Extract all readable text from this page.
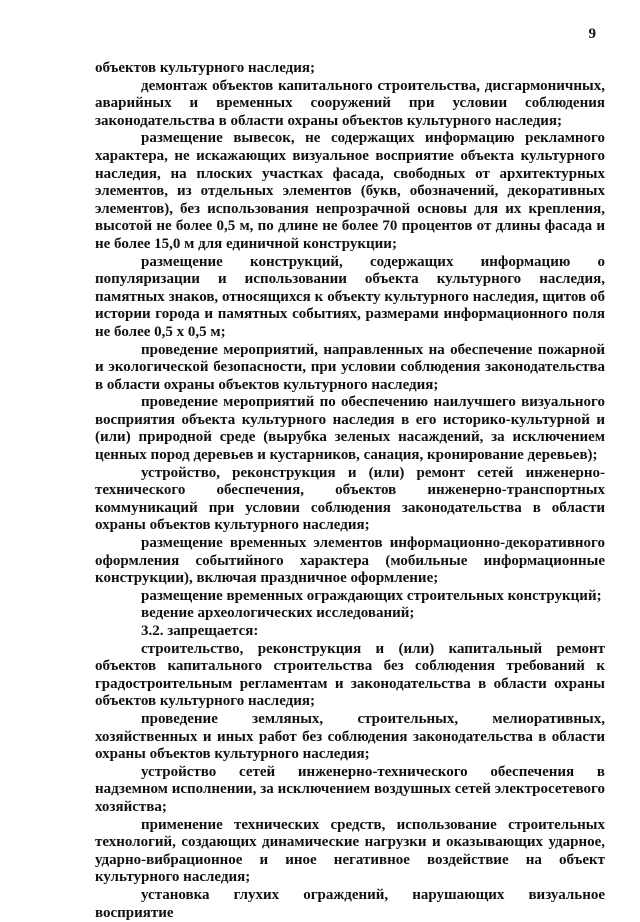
9

объектов культурного наследия;

демонтаж объектов капитального строительства, дисгармоничных, аварийных и временных сооружений при условии соблюдения законодательства в области охраны объектов культурного наследия;

размещение вывесок, не содержащих информацию рекламного характера, не искажающих визуальное восприятие объекта культурного наследия, на плоских участках фасада, свободных от архитектурных элементов, из отдельных элементов (букв, обозначений, декоративных элементов), без использования непрозрачной основы для их крепления, высотой не более 0,5 м, по длине не более 70 процентов от длины фасада и не более 15,0 м для единичной конструкции;

размещение конструкций, содержащих информацию о популяризации и использовании объекта культурного наследия, памятных знаков, относящихся к объекту культурного наследия, щитов об истории города и памятных событиях, размерами информационного поля не более 0,5 х 0,5 м;

проведение мероприятий, направленных на обеспечение пожарной и экологической безопасности, при условии соблюдения законодательства в области охраны объектов культурного наследия;

проведение мероприятий по обеспечению наилучшего визуального восприятия объекта культурного наследия в его историко-культурной и (или) природной среде (вырубка зеленых насаждений, за исключением ценных пород деревьев и кустарников, санация, кронирование деревьев);

устройство, реконструкция и (или) ремонт сетей инженерно-технического обеспечения, объектов инженерно-транспортных коммуникаций при условии соблюдения законодательства в области охраны объектов культурного наследия;

размещение временных элементов информационно-декоративного оформления событийного характера (мобильные информационные конструкции), включая праздничное оформление;

размещение временных ограждающих строительных конструкций;

ведение археологических исследований;

3.2. запрещается:

строительство, реконструкция и (или) капитальный ремонт объектов капитального строительства без соблюдения требований к градостроительным регламентам и законодательства в области охраны объектов культурного наследия;

проведение земляных, строительных, мелиоративных, хозяйственных и иных работ без соблюдения законодательства в области охраны объектов культурного наследия;

устройство сетей инженерно-технического обеспечения в надземном исполнении, за исключением воздушных сетей электросетевого хозяйства;

применение технических средств, использование строительных технологий, создающих динамические нагрузки и оказывающих ударное, ударно-вибрационное и иное негативное воздействие на объект культурного наследия;

установка глухих ограждений, нарушающих визуальное восприятие
